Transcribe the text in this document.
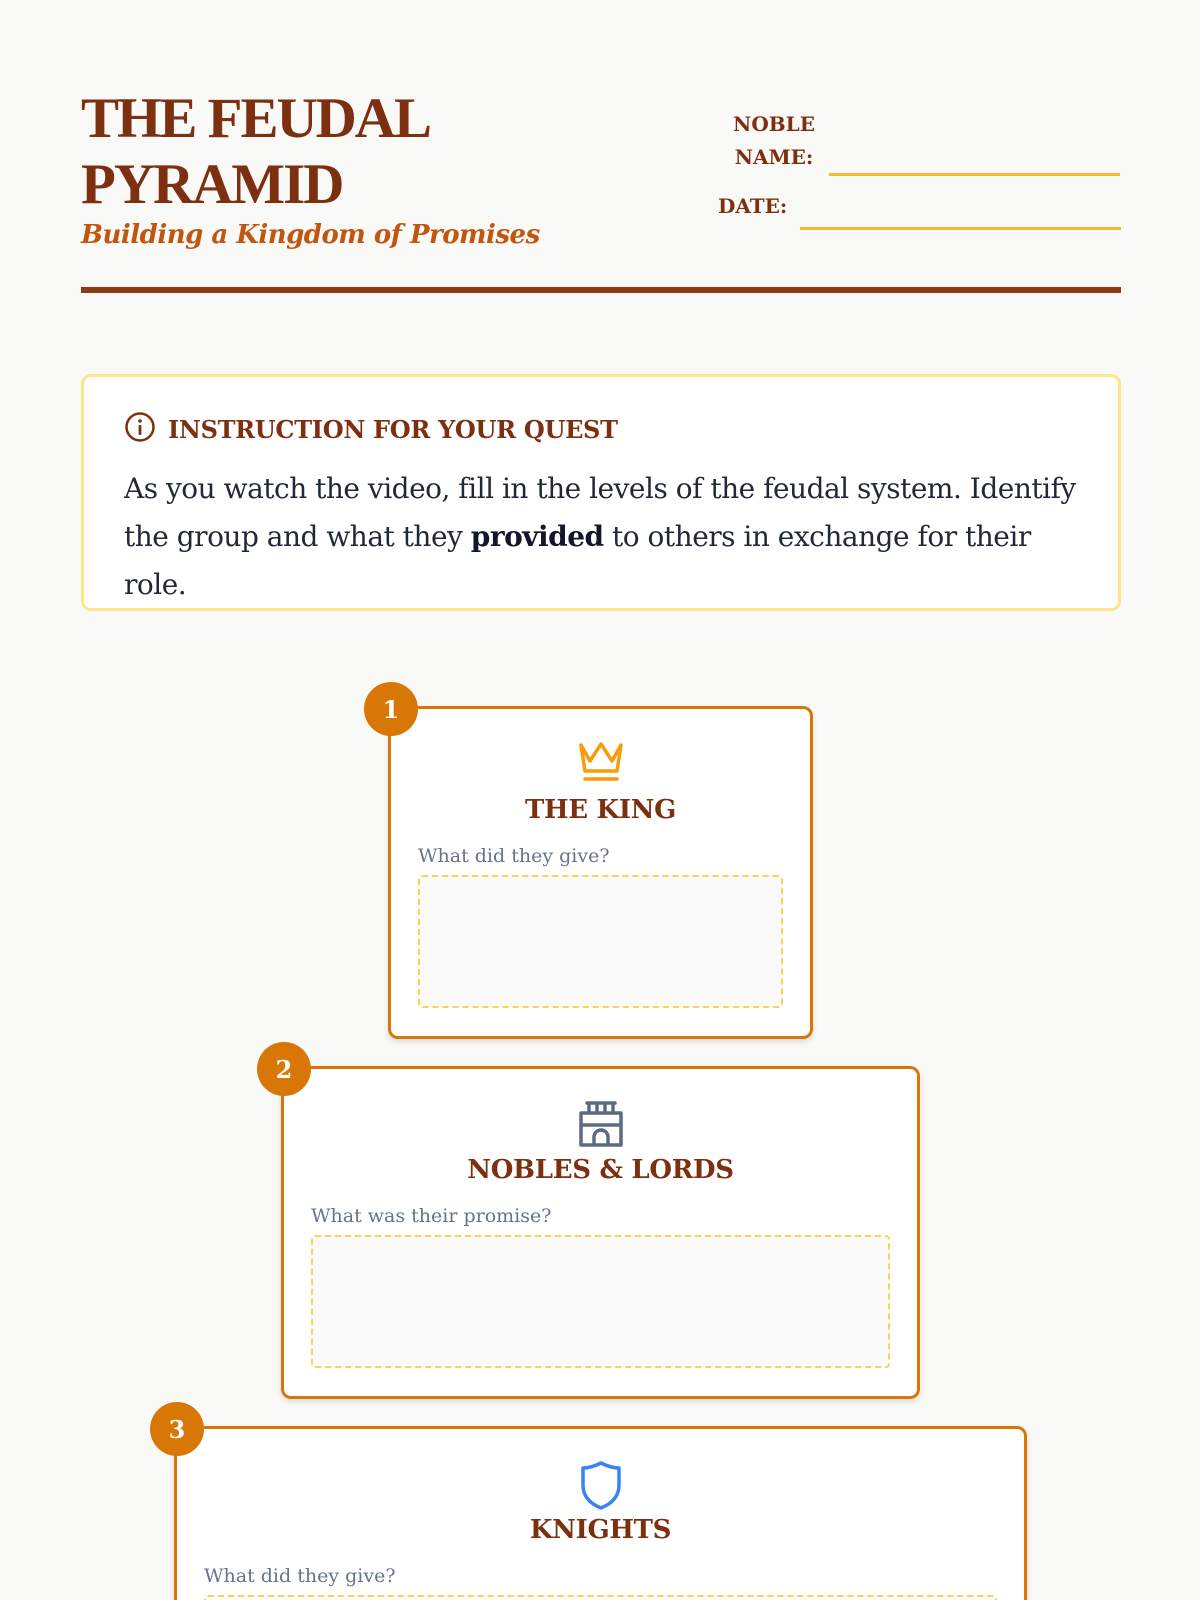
THE FEUDAL PYRAMID
Building a Kingdom of Promises
NOBLE NAME:
DATE:
INSTRUCTION FOR YOUR QUEST

As you watch the video, fill in the levels of the feudal system. Identify the group and what they provided to others in exchange for their role.

1
THE KING
What did they give?
2
NOBLES & LORDS
What was their promise?
3
KNIGHTS
What did they give?
